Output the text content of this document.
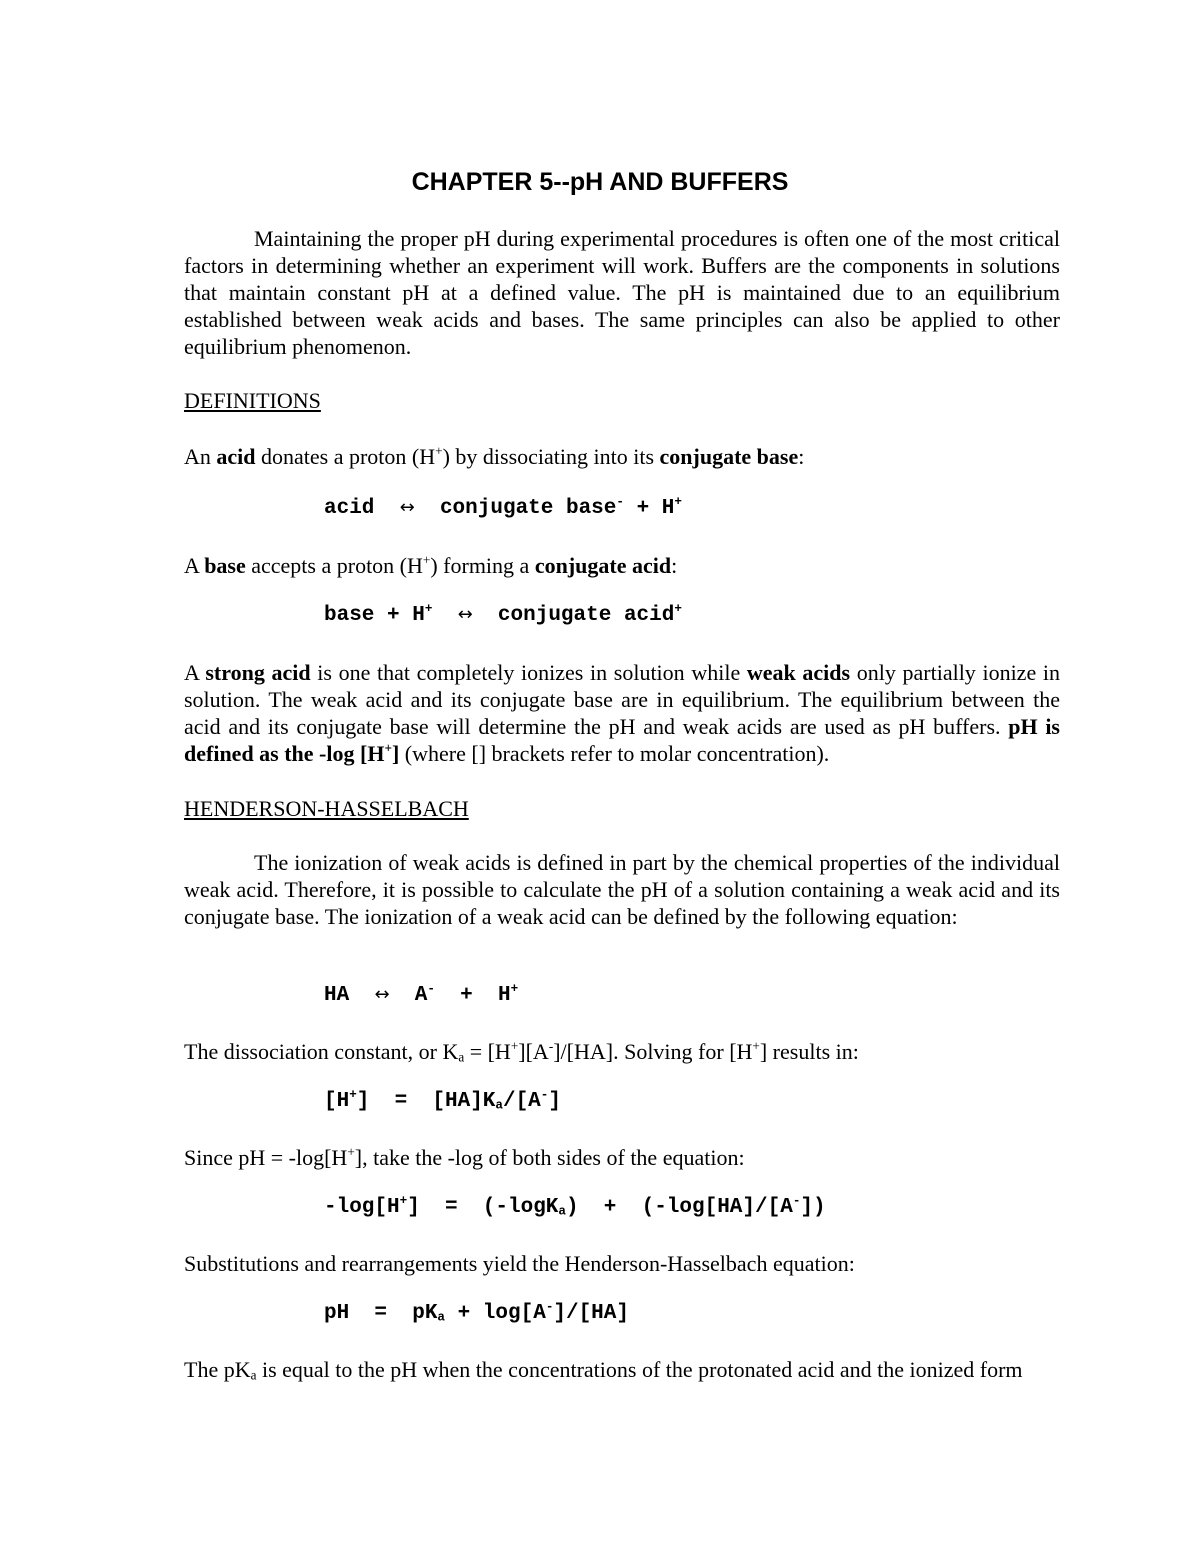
CHAPTER 5--pH AND BUFFERS

Maintaining the proper pH during experimental procedures is often one of the most critical factors in determining whether an experiment will work. Buffers are the components in solutions that maintain constant pH at a defined value. The pH is maintained due to an equilibrium established between weak acids and bases. The same principles can also be applied to other equilibrium phenomenon.

DEFINITIONS

An acid donates a proton (H+) by dissociating into its conjugate base:

acid ↔ conjugate base- + H+

A base accepts a proton (H+) forming a conjugate acid:

base + H+ ↔ conjugate acid+

A strong acid is one that completely ionizes in solution while weak acids only partially ionize in solution. The weak acid and its conjugate base are in equilibrium. The equilibrium between the acid and its conjugate base will determine the pH and weak acids are used as pH buffers. pH is defined as the -log [H+] (where [] brackets refer to molar concentration).

HENDERSON-HASSELBACH

The ionization of weak acids is defined in part by the chemical properties of the individual weak acid. Therefore, it is possible to calculate the pH of a solution containing a weak acid and its conjugate base. The ionization of a weak acid can be defined by the following equation:

HA ↔ A- + H+

The dissociation constant, or $K_a = [H^+][A^-]/[HA]$. Solving for [H+] results in:

$[H^+] = [HA]K_a/[A^-]$

Since pH = -log[H+], take the -log of both sides of the equation:

-log[H+]  =  (-logK$_a$)  +  (-log[HA]/[A-])

Substitutions and rearrangements yield the Henderson-Hasselbach equation:

pH  =  $pK_a + \log[A^-]/[HA]$

The $pK_a$ is equal to the pH when the concentrations of the protonated acid and the ionized form
